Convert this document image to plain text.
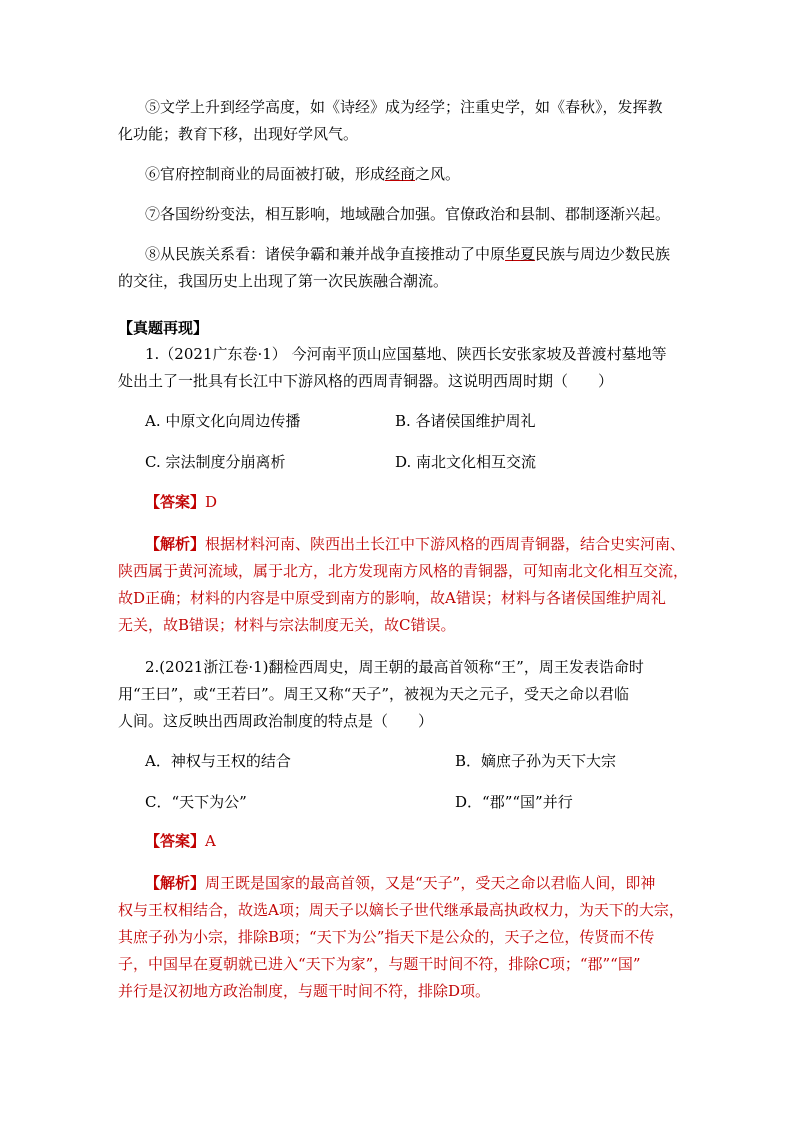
⑤文学上升到经学高度，如《诗经》成为经学；注重史学，如《春秋》，发挥教
化功能；教育下移，出现好学风气。
⑥官府控制商业的局面被打破，形成经商之风。
⑦各国纷纷变法，相互影响，地域融合加强。官僚政治和县制、郡制逐渐兴起。
⑧从民族关系看：诸侯争霸和兼并战争直接推动了中原华夏民族与周边少数民族
的交往，我国历史上出现了第一次民族融合潮流。
【真题再现】
1.（2021广东卷·1） 今河南平顶山应国墓地、陕西长安张家坡及普渡村墓地等
处出土了一批具有长江中下游风格的西周青铜器。这说明西周时期（　　）
A. 中原文化向周边传播	B. 各诸侯国维护周礼
C. 宗法制度分崩离析	D. 南北文化相互交流
【答案】D
【解析】根据材料河南、陕西出土长江中下游风格的西周青铜器，结合史实河南、
陕西属于黄河流域，属于北方，北方发现南方风格的青铜器，可知南北文化相互交流，
故D正确；材料的内容是中原受到南方的影响，故A错误；材料与各诸侯国维护周礼
无关，故B错误；材料与宗法制度无关，故C错误。
2.(2021浙江卷·1)翻检西周史，周王朝的最高首领称“王”，周王发表诰命时
用“王曰”，或“王若曰”。周王又称“天子”，被视为天之元子，受天之命以君临
人间。这反映出西周政治制度的特点是（　　）
A．神权与王权的结合	B．嫡庶子孙为天下大宗
C．“天下为公”	D．“郡”“国”并行
【答案】A
【解析】周王既是国家的最高首领，又是“天子”，受天之命以君临人间，即神
权与王权相结合，故选A项；周天子以嫡长子世代继承最高执政权力，为天下的大宗，
其庶子孙为小宗，排除B项；“天下为公”指天下是公众的，天子之位，传贤而不传
子，中国早在夏朝就已进入“天下为家”，与题干时间不符，排除C项；“郡”“国”
并行是汉初地方政治制度，与题干时间不符，排除D项。
